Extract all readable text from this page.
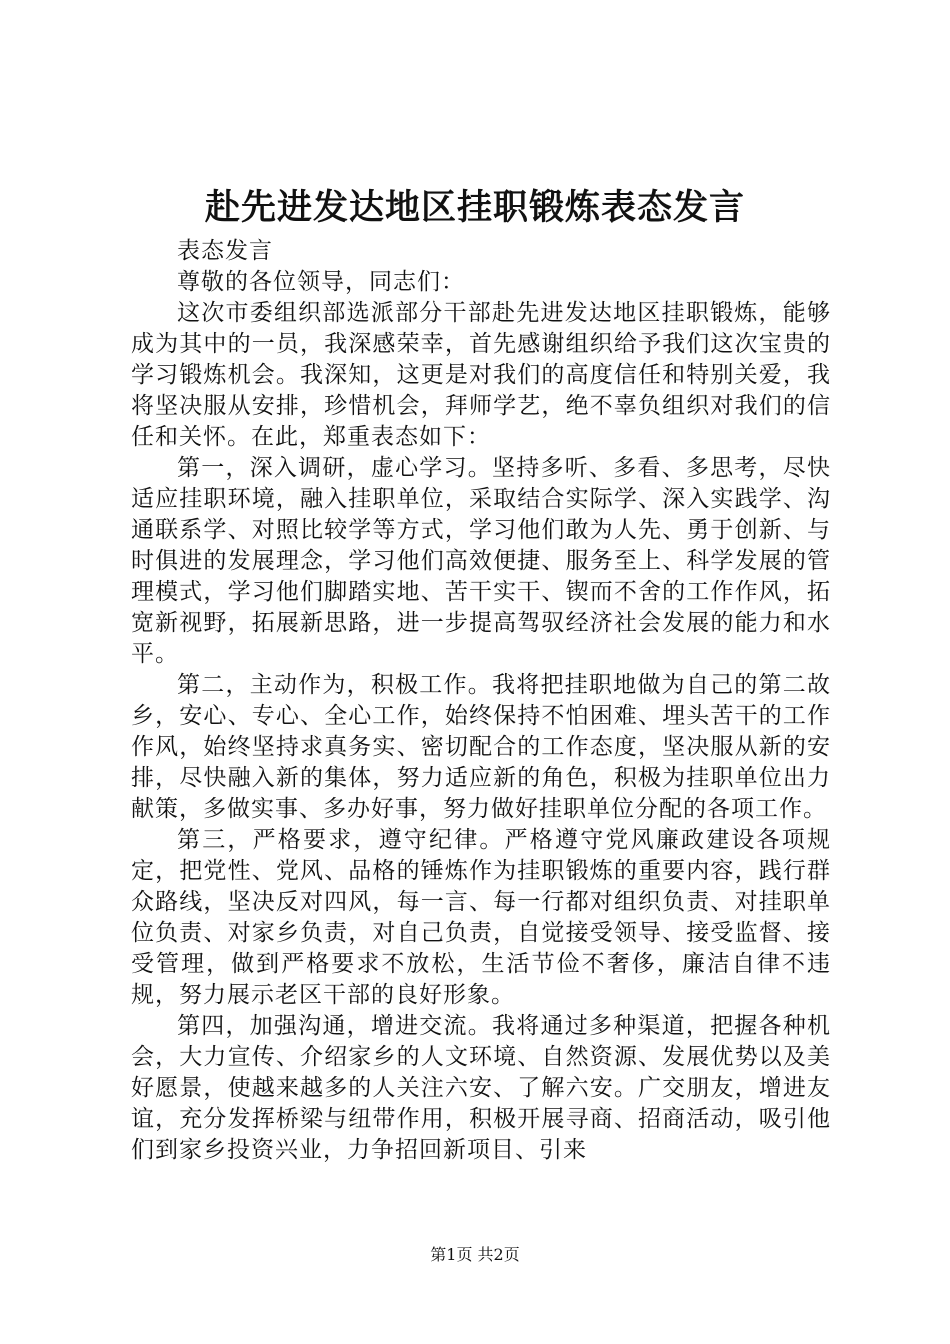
赴先进发达地区挂职锻炼表态发言

表态发言

尊敬的各位领导，同志们：

这次市委组织部选派部分干部赴先进发达地区挂职锻炼，能够成为其中的一员，我深感荣幸，首先感谢组织给予我们这次宝贵的学习锻炼机会。我深知，这更是对我们的高度信任和特别关爱，我将坚决服从安排，珍惜机会，拜师学艺，绝不辜负组织对我们的信任和关怀。在此，郑重表态如下：

第一，深入调研，虚心学习。坚持多听、多看、多思考，尽快适应挂职环境，融入挂职单位，采取结合实际学、深入实践学、沟通联系学、对照比较学等方式，学习他们敢为人先、勇于创新、与时俱进的发展理念，学习他们高效便捷、服务至上、科学发展的管理模式，学习他们脚踏实地、苦干实干、锲而不舍的工作作风，拓宽新视野，拓展新思路，进一步提高驾驭经济社会发展的能力和水平。

第二，主动作为，积极工作。我将把挂职地做为自己的第二故乡，安心、专心、全心工作，始终保持不怕困难、埋头苦干的工作作风，始终坚持求真务实、密切配合的工作态度，坚决服从新的安排，尽快融入新的集体，努力适应新的角色，积极为挂职单位出力献策，多做实事、多办好事，努力做好挂职单位分配的各项工作。

第三，严格要求，遵守纪律。严格遵守党风廉政建设各项规定，把党性、党风、品格的锤炼作为挂职锻炼的重要内容，践行群众路线，坚决反对四风，每一言、每一行都对组织负责、对挂职单位负责、对家乡负责，对自己负责，自觉接受领导、接受监督、接受管理，做到严格要求不放松，生活节俭不奢侈，廉洁自律不违规，努力展示老区干部的良好形象。

第四，加强沟通，增进交流。我将通过多种渠道，把握各种机会，大力宣传、介绍家乡的人文环境、自然资源、发展优势以及美好愿景，使越来越多的人关注六安、了解六安。广交朋友，增进友谊，充分发挥桥梁与纽带作用，积极开展寻商、招商活动，吸引他们到家乡投资兴业，力争招回新项目、引来

第1页 共2页
